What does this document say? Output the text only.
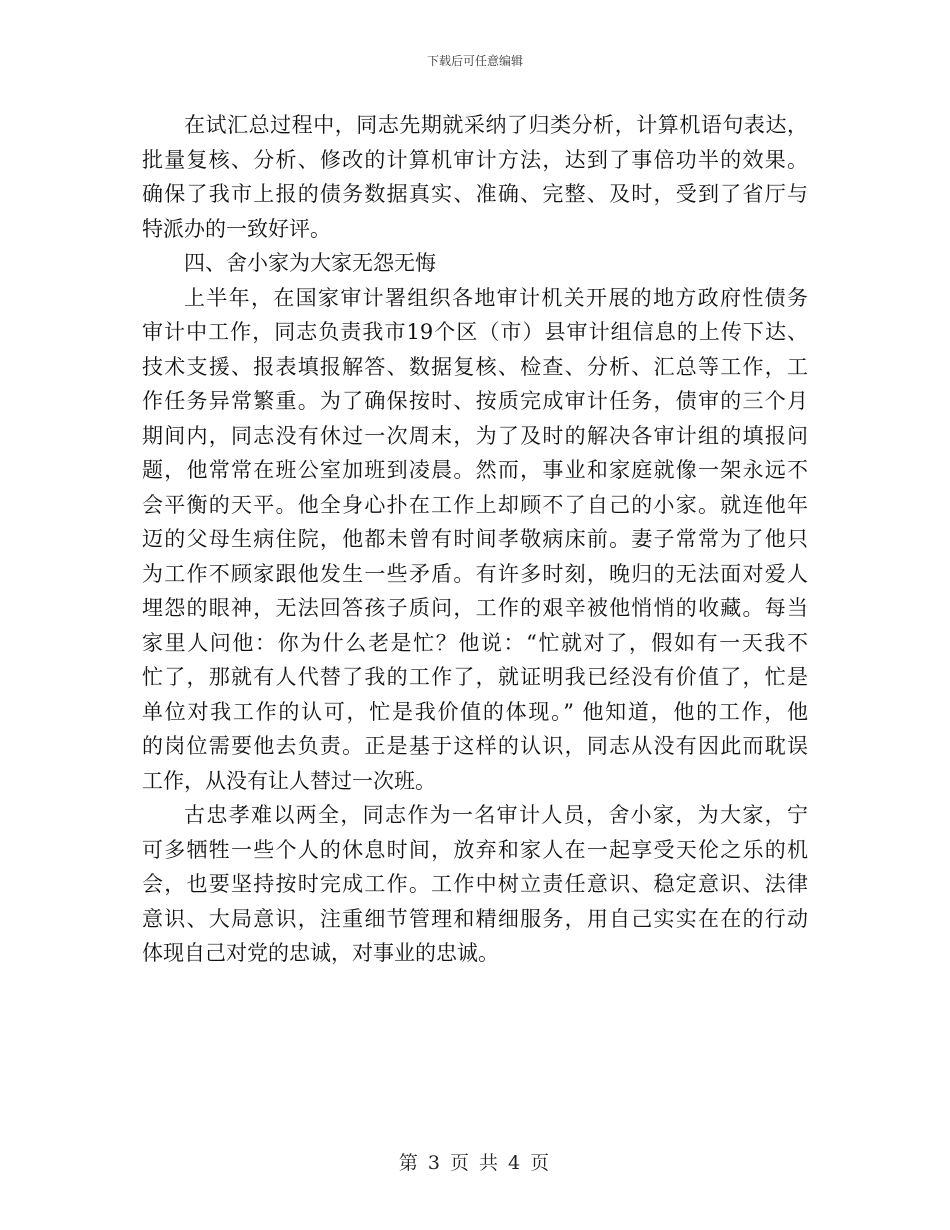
下载后可任意编辑
在试汇总过程中，同志先期就采纳了归类分析，计算机语句表达，
批量复核、分析、修改的计算机审计方法，达到了事倍功半的效果。
确保了我市上报的债务数据真实、准确、完整、及时，受到了省厅与
特派办的一致好评。
四、舍小家为大家无怨无悔
上半年，在国家审计署组织各地审计机关开展的地方政府性债务
审计中工作，同志负责我市19个区（市）县审计组信息的上传下达、
技术支援、报表填报解答、数据复核、检查、分析、汇总等工作，工
作任务异常繁重。为了确保按时、按质完成审计任务，债审的三个月
期间内，同志没有休过一次周末，为了及时的解决各审计组的填报问
题，他常常在班公室加班到凌晨。然而，事业和家庭就像一架永远不
会平衡的天平。他全身心扑在工作上却顾不了自己的小家。就连他年
迈的父母生病住院，他都未曾有时间孝敬病床前。妻子常常为了他只
为工作不顾家跟他发生一些矛盾。有许多时刻，晚归的无法面对爱人
埋怨的眼神，无法回答孩子质问，工作的艰辛被他悄悄的收藏。每当
家里人问他：你为什么老是忙？他说：“忙就对了，假如有一天我不
忙了，那就有人代替了我的工作了，就证明我已经没有价值了，忙是
单位对我工作的认可，忙是我价值的体现。” 他知道，他的工作，他
的岗位需要他去负责。正是基于这样的认识，同志从没有因此而耽误
工作，从没有让人替过一次班。
古忠孝难以两全，同志作为一名审计人员，舍小家，为大家，宁
可多牺牲一些个人的休息时间，放弃和家人在一起享受天伦之乐的机
会，也要坚持按时完成工作。工作中树立责任意识、稳定意识、法律
意识、大局意识，注重细节管理和精细服务，用自己实实在在的行动
体现自己对党的忠诚，对事业的忠诚。
第 3 页 共 4 页
